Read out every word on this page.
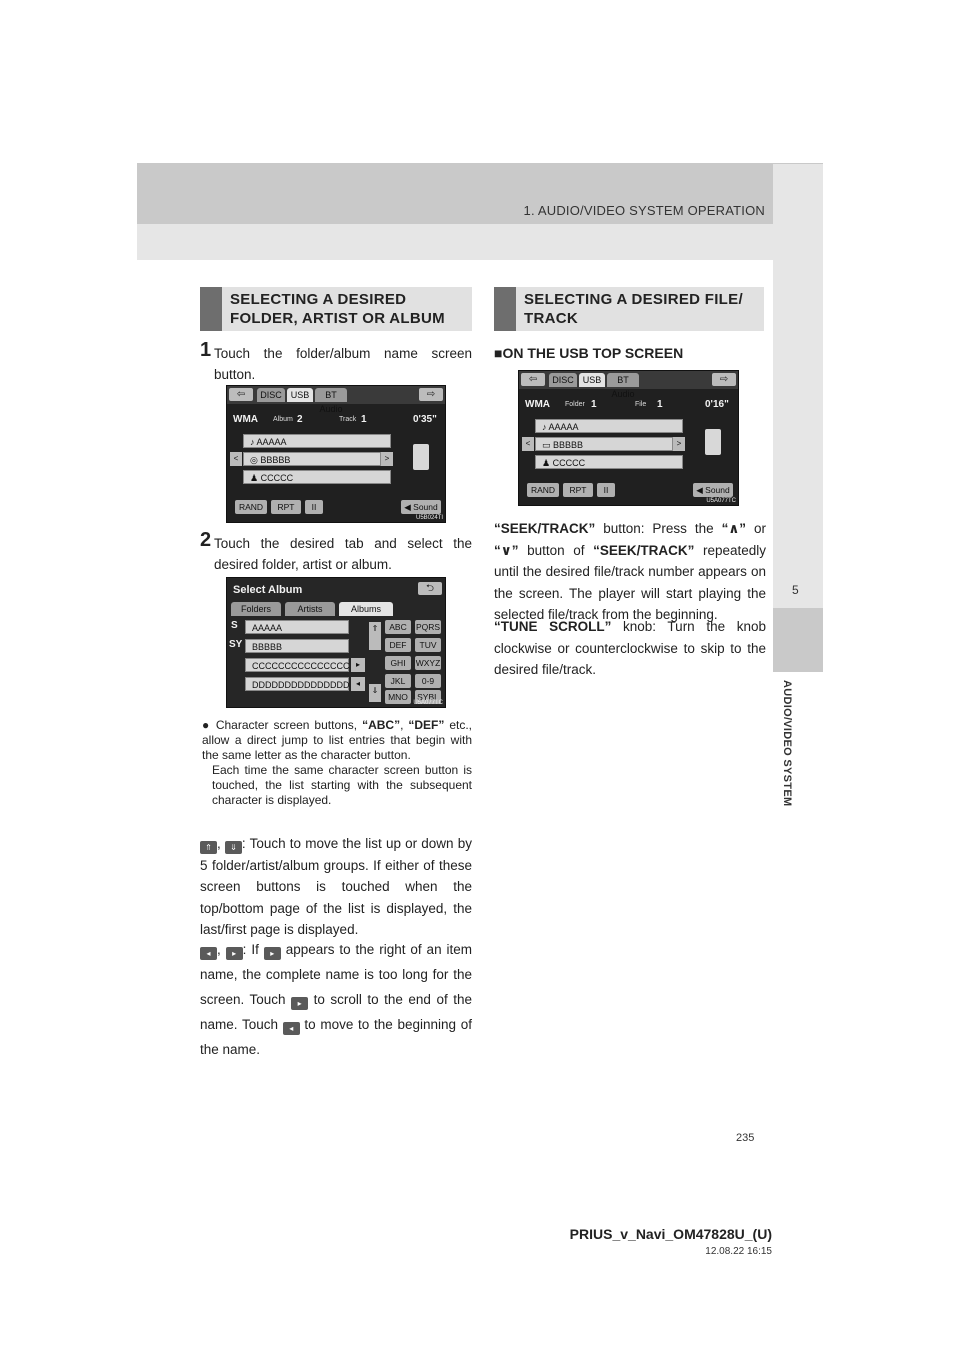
1. AUDIO/VIDEO SYSTEM OPERATION
5
AUDIO/VIDEO SYSTEM
SELECTING A DESIRED
FOLDER, ARTIST OR ALBUM
1 Touch the folder/album name screen button.
⇦	DISC USB	BT Audio
⇨
WMA Album 2	Track 1	0'35"
♪ AAAAA
<	◎ BBBBB	>
♟ CCCCC
RAND	RPT	II	◀ Sound
U5B024TI
2 Touch the desired tab and select the desired folder, artist or album.
Select Album	⮌
Folders	Artists	Albums
S
SY
AAAAA
BBBBB
CCCCCCCCCCCCCCC
DDDDDDDDDDDDDDD
▸
◂
⇑
⇓
ABC	PQRS
DEF	TUV
GHI	WXYZ
JKL	0-9
MNO	SYBL
U5A077TC
● Character screen buttons, “ABC”, “DEF” etc., allow a direct jump to list entries that begin with the same letter as the character button.
Each time the same character screen button is touched, the list starting with the subsequent character is displayed.
⇑ , ⇓ : Touch to move the list up or down by 5 folder/artist/album groups. If either of these screen buttons is touched when the top/bottom page of the list is displayed, the last/first page is displayed.
◂ , ▸ : If ▸ appears to the right of an item name, the complete name is too long for the screen. Touch ▸ to scroll to the end of the name. Touch ◂ to move to the beginning of the name.
SELECTING A DESIRED FILE/
TRACK
■ON THE USB TOP SCREEN
⇦	DISC USB	BT Audio
⇨
WMA Folder 1	File 1	0'16"
♪ AAAAA
<	▭ BBBBB	>
♟ CCCCC
RAND	RPT	II	◀ Sound
U5A077TC
“SEEK/TRACK” button: Press the “∧” or “∨” button of “SEEK/TRACK” repeatedly until the desired file/track number appears on the screen. The player will start playing the selected file/track from the beginning.
“TUNE SCROLL” knob: Turn the knob clockwise or counterclockwise to skip to the desired file/track.
235
PRIUS_v_Navi_OM47828U_(U)
12.08.22 16:15
